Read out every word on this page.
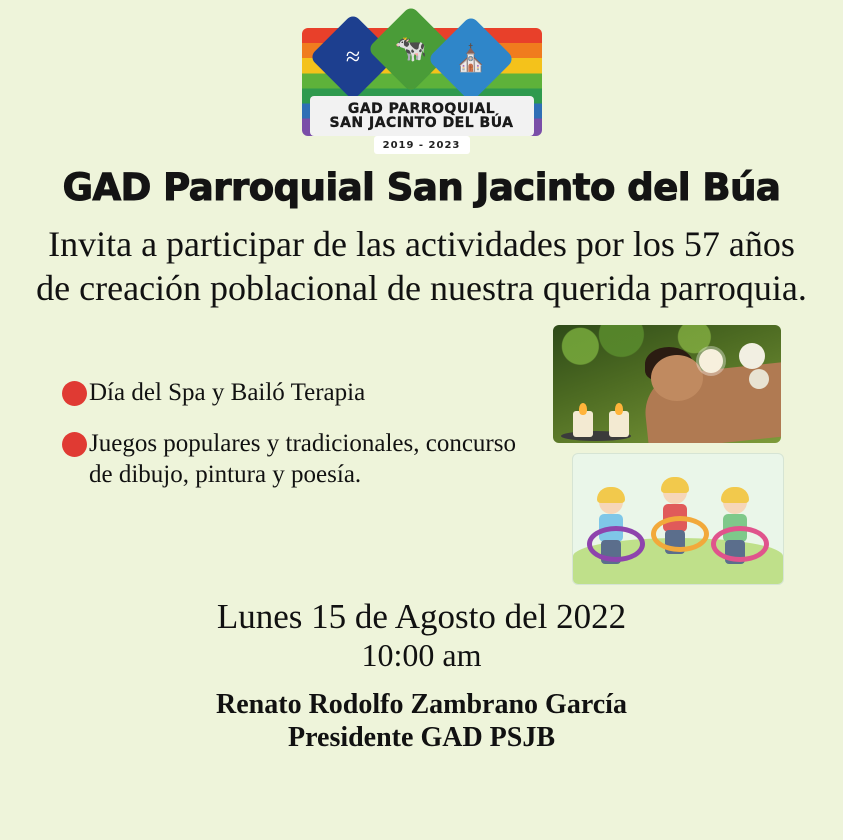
≈	🐄	⛪
GAD PARROQUIAL
SAN JACINTO DEL BÚA
2019 - 2023
GAD Parroquial San Jacinto del Búa
Invita a participar de las actividades por los 57 años de creación poblacional de nuestra querida parroquia.
Día del Spa y Bailó Terapia
Juegos populares y tradicionales, concurso de dibujo, pintura y poesía.
Lunes 15 de Agosto del 2022
10:00 am
Renato Rodolfo Zambrano García
Presidente GAD PSJB
